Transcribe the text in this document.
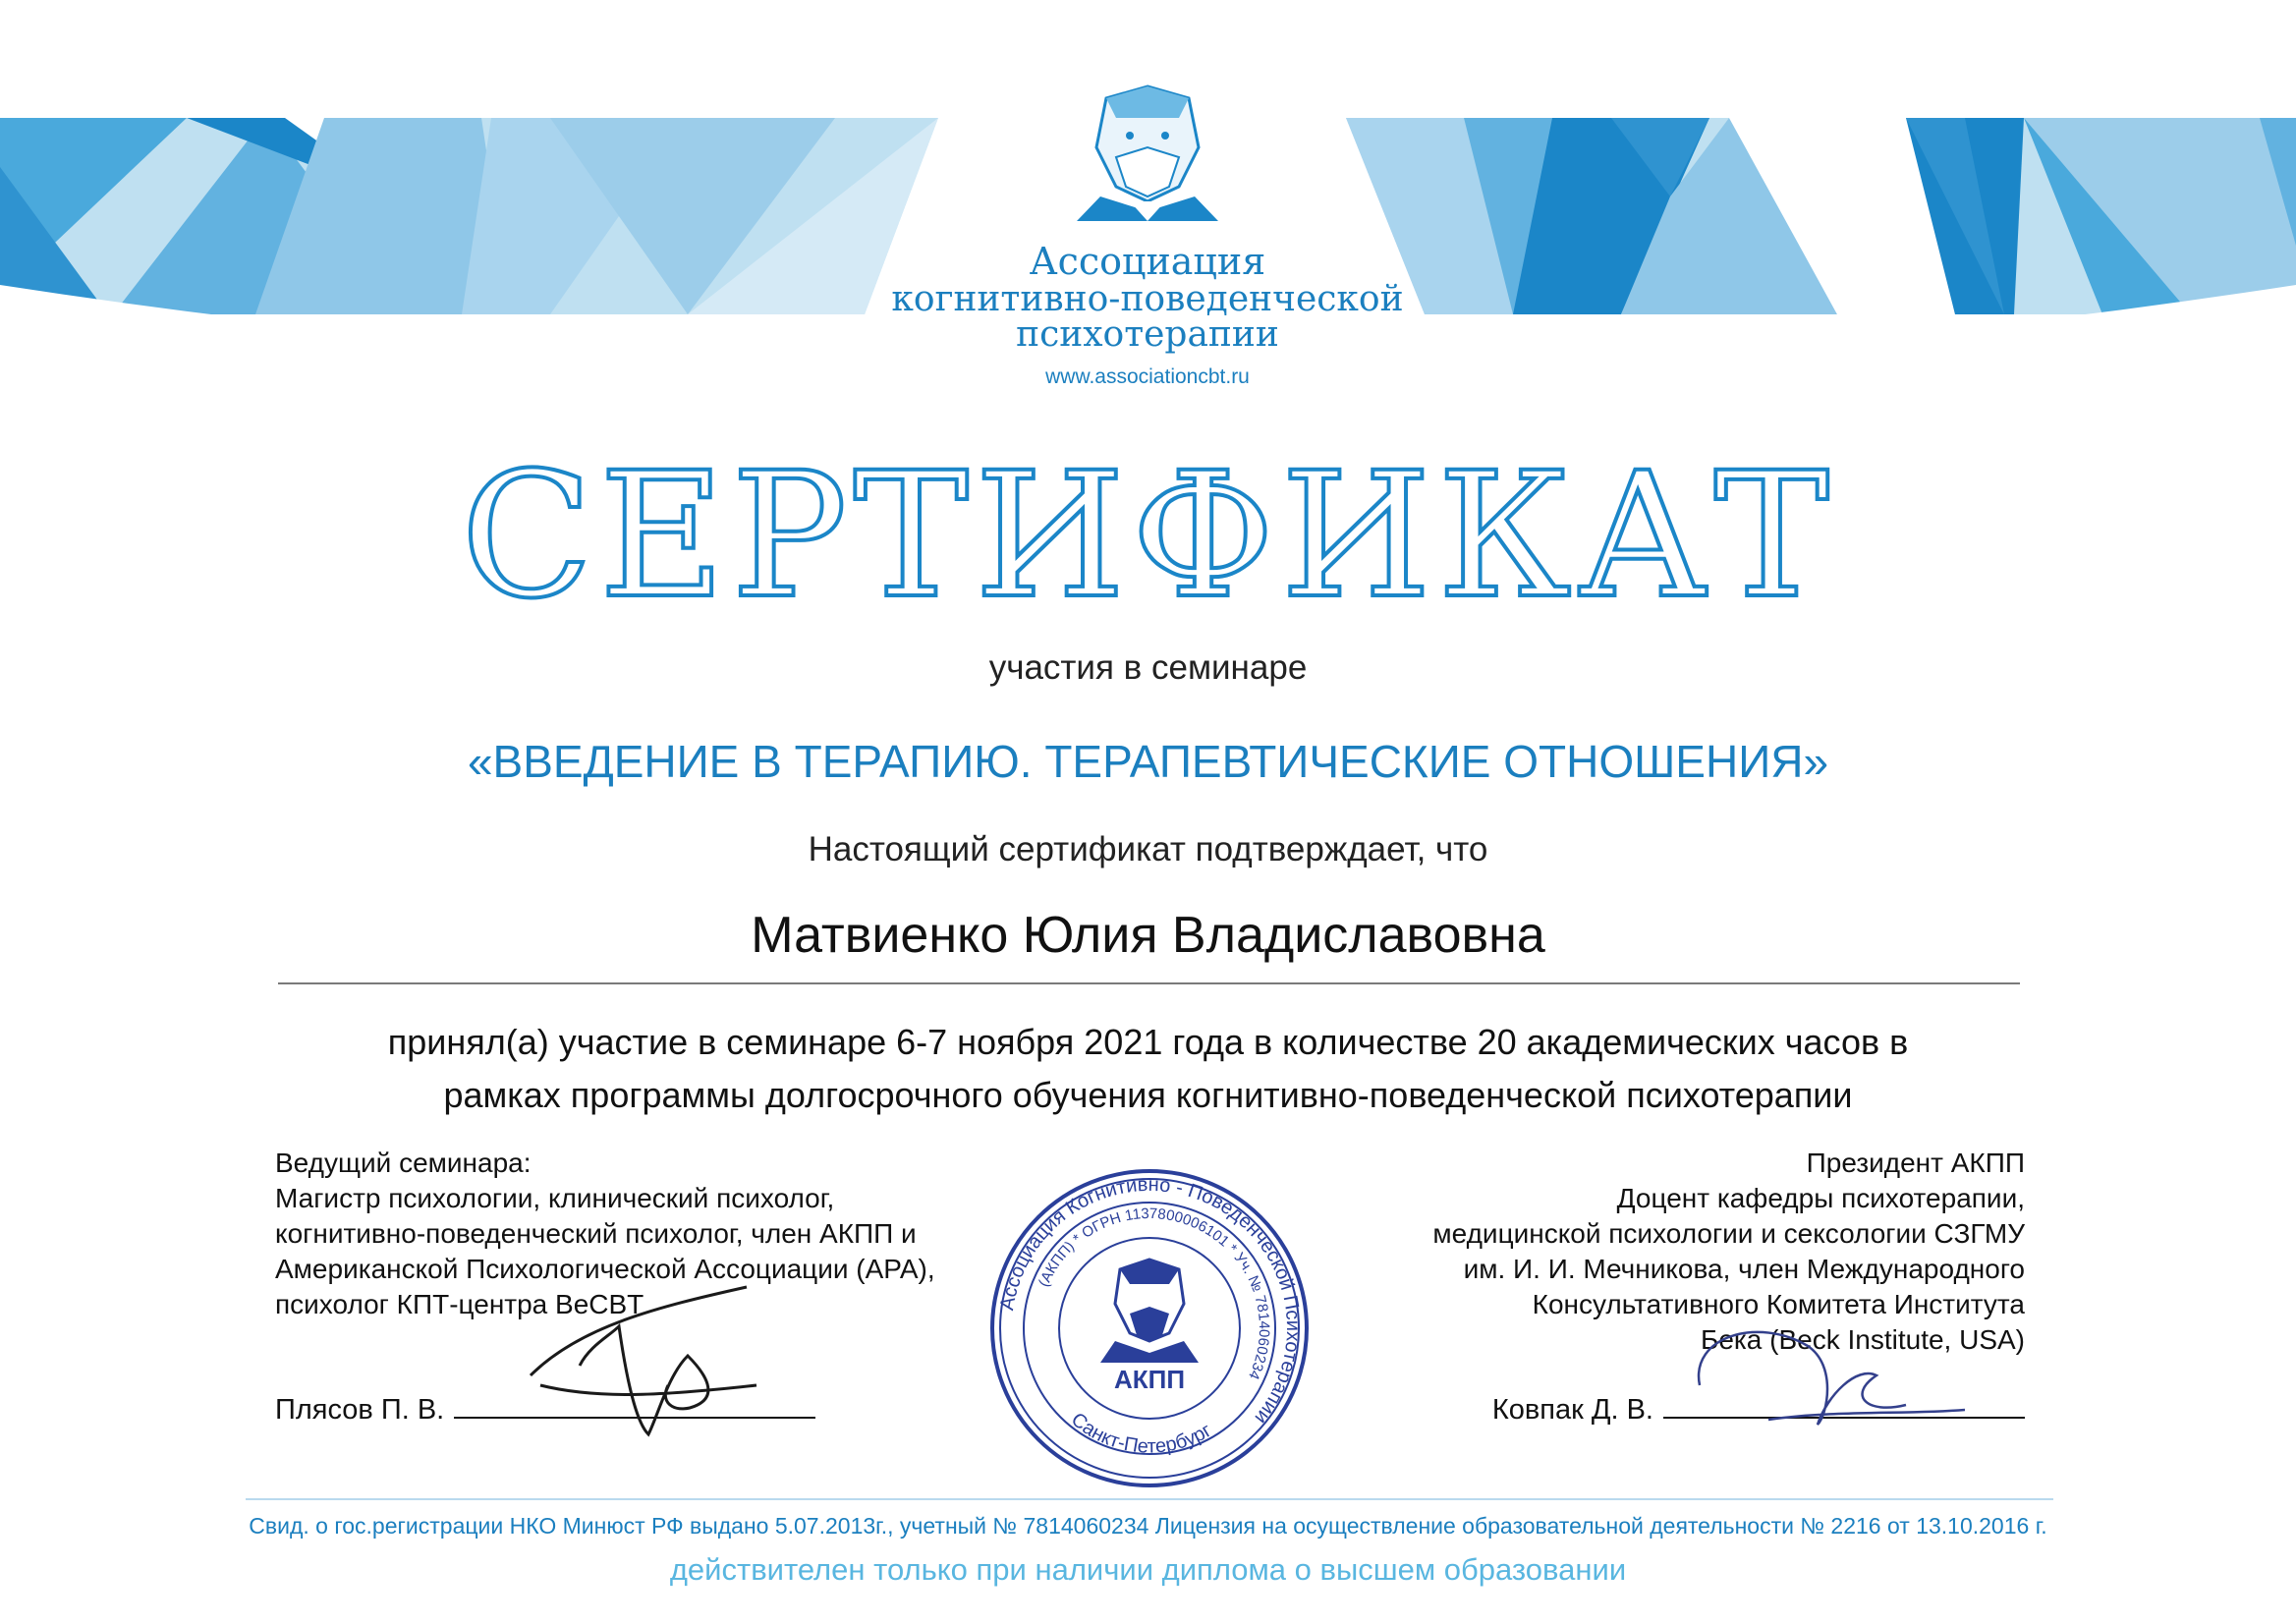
Ассоциация
когнитивно-поведенческой
психотерапии
www.associationcbt.ru
СЕРТИФИКАТ
участия в семинаре
«ВВЕДЕНИЕ В ТЕРАПИЮ. ТЕРАПЕВТИЧЕСКИЕ ОТНОШЕНИЯ»
Настоящий сертификат подтверждает, что
Матвиенко Юлия Владиславовна
принял(а) участие в семинаре 6-7 ноября 2021 года в количестве 20 академических часов в
рамках программы долгосрочного обучения когнитивно-поведенческой психотерапии
Ведущий семинара:
Магистр психологии, клинический психолог,
когнитивно-поведенческий психолог, член АКПП и
Американской Психологической Ассоциации (APA),
психолог КПТ-центра BeCBT
Президент АКПП
Доцент кафедры психотерапии,
медицинской психологии и сексологии СЗГМУ
им. И. И. Мечникова, член Международного
Консультативного Комитета Института
Бека (Beck Institute, USA)
Плясов П. В.	Ковпак Д. В.
Ассоциация Когнитивно - Поведенческой Психотерапии
(АКПП) * ОГРН 1137800006101 * Уч. № 7814060234
Санкт-Петербург
АКПП
Свид. о гос.регистрации НКО Минюст РФ выдано 5.07.2013г., учетный № 7814060234 Лицензия на осуществление образовательной деятельности № 2216 от 13.10.2016 г.
действителен только при наличии диплома о высшем образовании
